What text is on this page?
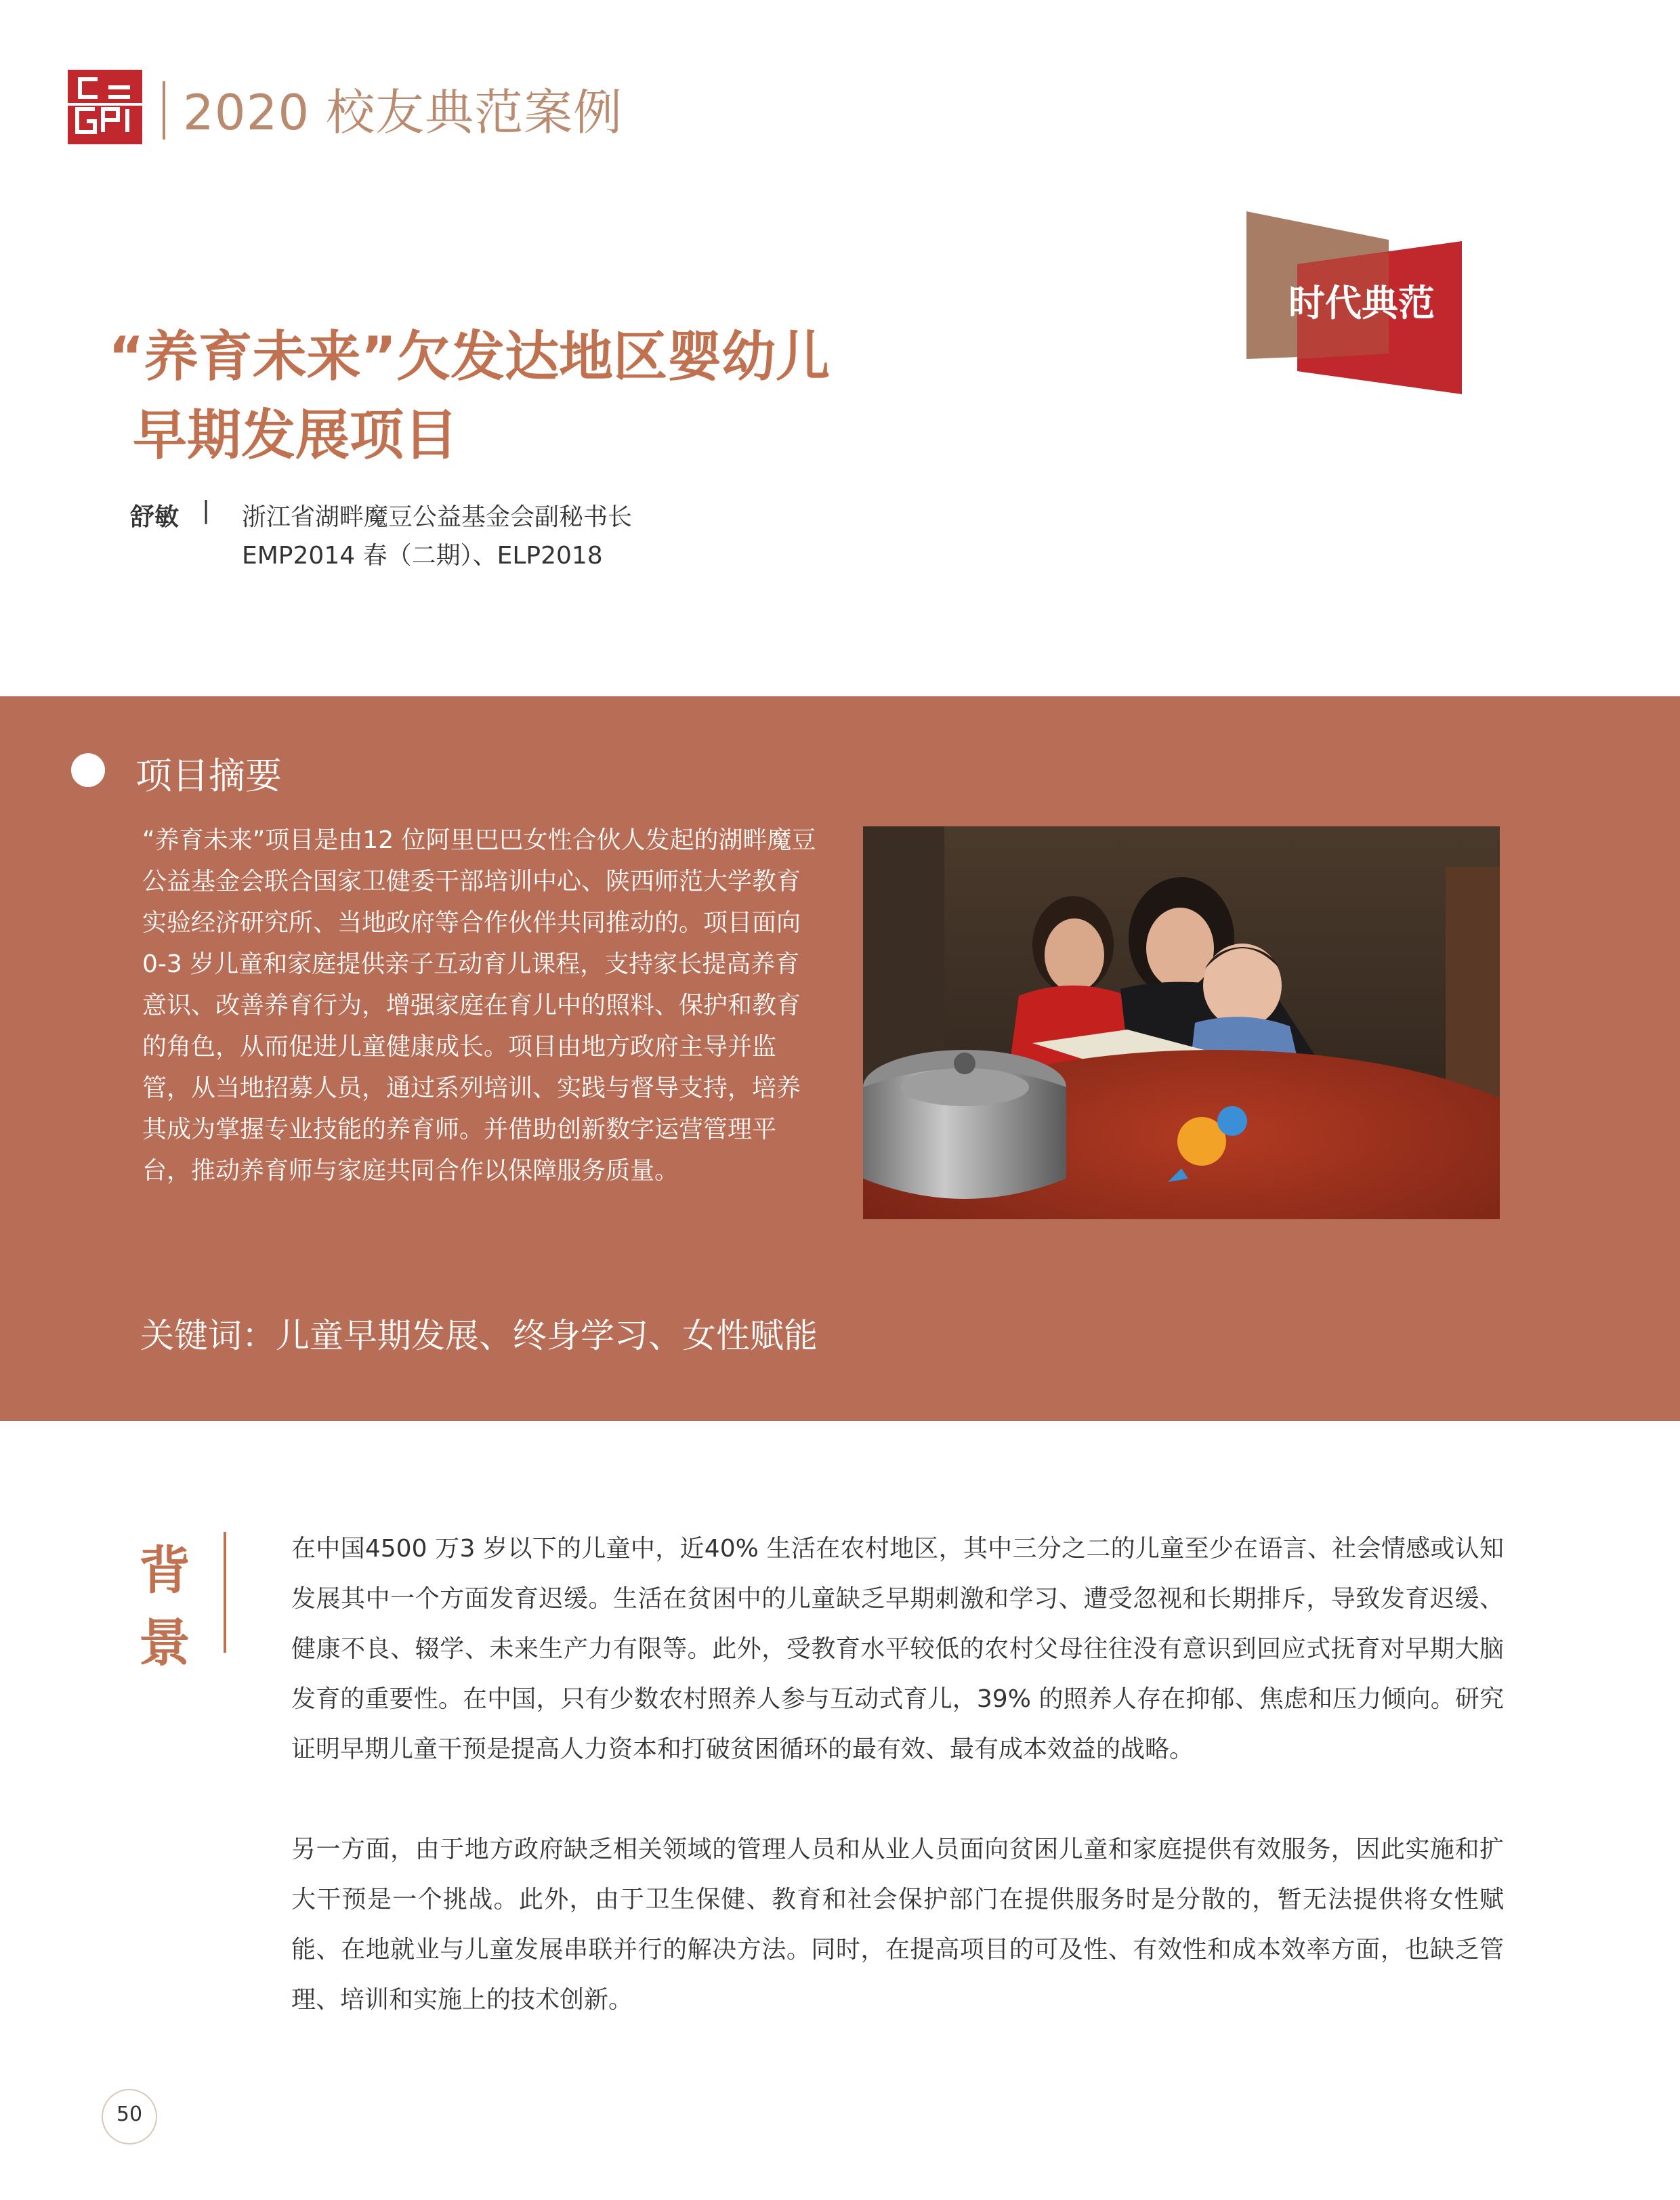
2020 校友典范案例
时代典范
“养育未来”欠发达地区婴幼儿
早期发展项目
舒敏 | 浙江省湖畔魔豆公益基金会副秘书长
EMP2014 春（二期）、ELP2018
项目摘要
“养育未来”项目是由12 位阿里巴巴女性合伙人发起的湖畔魔豆公益基金会联合国家卫健委干部培训中心、陕西师范大学教育实验经济研究所、当地政府等合作伙伴共同推动的。项目面向0-3 岁儿童和家庭提供亲子互动育儿课程，支持家长提高养育意识、改善养育行为，增强家庭在育儿中的照料、保护和教育的角色，从而促进儿童健康成长。项目由地方政府主导并监管，从当地招募人员，通过系列培训、实践与督导支持，培养其成为掌握专业技能的养育师。并借助创新数字运营管理平台，推动养育师与家庭共同合作以保障服务质量。
关键词：儿童早期发展、终身学习、女性赋能
背
景
在中国4500 万3 岁以下的儿童中，近40% 生活在农村地区，其中三分之二的儿童至少在语言、社会情感或认知发展其中一个方面发育迟缓。生活在贫困中的儿童缺乏早期刺激和学习、遭受忽视和长期排斥，导致发育迟缓、健康不良、辍学、未来生产力有限等。此外，受教育水平较低的农村父母往往没有意识到回应式抚育对早期大脑发育的重要性。在中国，只有少数农村照养人参与互动式育儿，39% 的照养人存在抑郁、焦虑和压力倾向。研究证明早期儿童干预是提高人力资本和打破贫困循环的最有效、最有成本效益的战略。
另一方面，由于地方政府缺乏相关领域的管理人员和从业人员面向贫困儿童和家庭提供有效服务，因此实施和扩大干预是一个挑战。此外，由于卫生保健、教育和社会保护部门在提供服务时是分散的，暂无法提供将女性赋能、在地就业与儿童发展串联并行的解决方法。同时，在提高项目的可及性、有效性和成本效率方面，也缺乏管理、培训和实施上的技术创新。
50
